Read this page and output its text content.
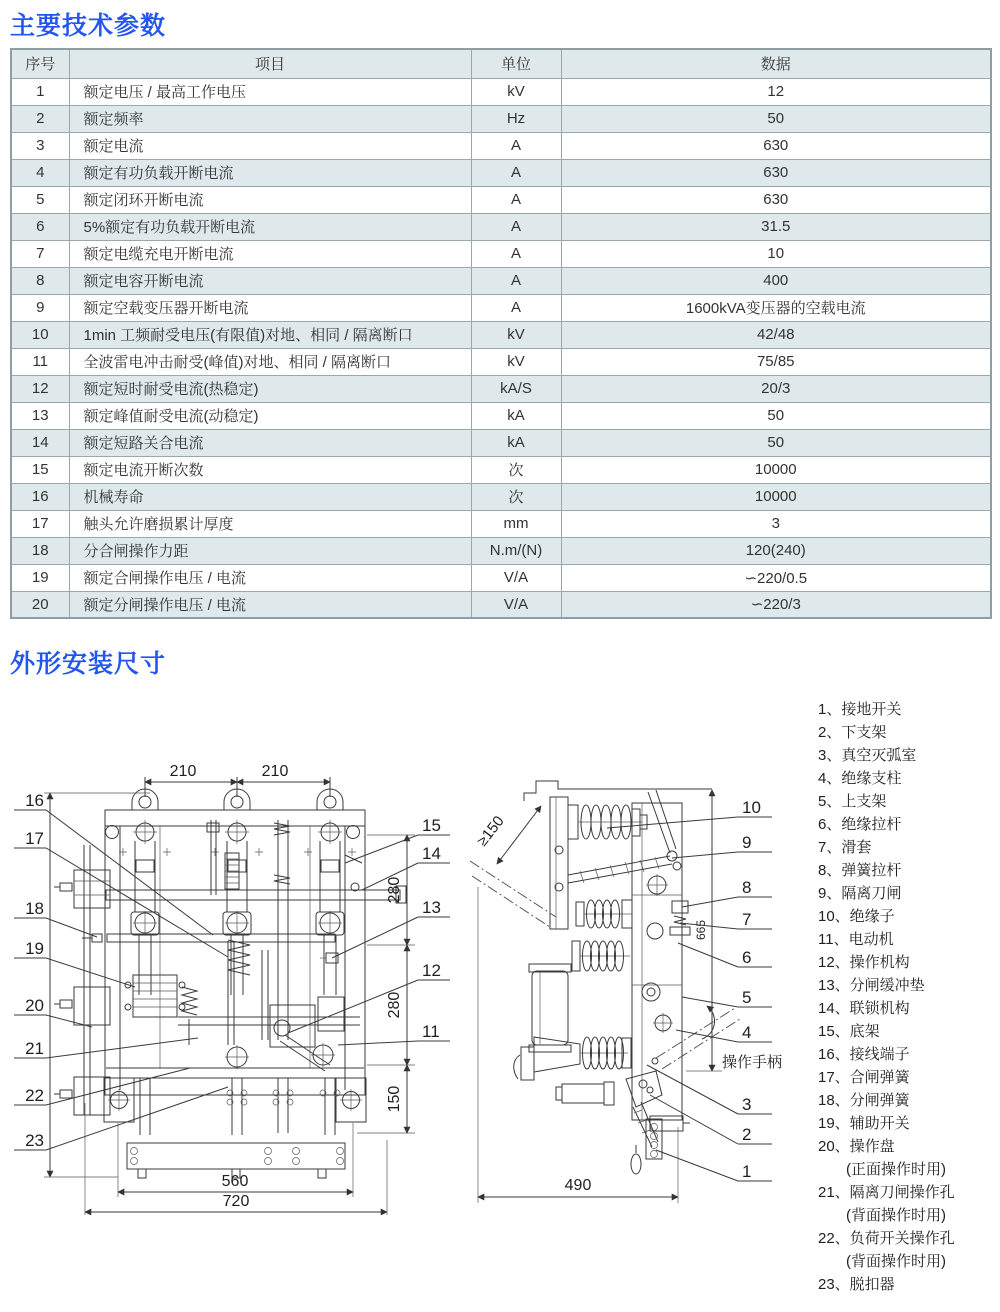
主要技术参数
序号	项目	单位	数据
1	额定电压 / 最高工作电压	kV	12
2	额定频率	Hz	50
3	额定电流	A	630
4	额定有功负载开断电流	A	630
5	额定闭环开断电流	A	630
6	5%额定有功负载开断电流	A	31.5
7	额定电缆充电开断电流	A	10
8	额定电容开断电流	A	400
9	额定空载变压器开断电流	A	1600kVA变压器的空载电流
10	1min 工频耐受电压(有限值)对地、相同 / 隔离断口	kV	42/48
11	全波雷电冲击耐受(峰值)对地、相同 / 隔离断口	kV	75/85
12	额定短时耐受电流(热稳定)	kA/S	20/3
13	额定峰值耐受电流(动稳定)	kA	50
14	额定短路关合电流	kA	50
15	额定电流开断次数	次	10000
16	机械寿命	次	10000
17	触头允许磨损累计厚度	mm	3
18	分合闸操作力距	N.m/(N)	120(240)
19	额定合闸操作电压 / 电流	V/A	∽220/0.5
20	额定分闸操作电压 / 电流	V/A	∽220/3
外形安装尺寸
210	210
280
280
150
560
720
16
17
18
19
20
21
22
23
15
14
13
12
11
操作手柄
≥150
665
490
10
9
8
7
6
5
4
3
2
1
1、接地开关
2、下支架
3、真空灭弧室
4、绝缘支柱
5、上支架
6、绝缘拉杆
7、滑套
8、弹簧拉杆
9、隔离刀闸
10、绝缘子
11、电动机
12、操作机构
13、分闸缓冲垫
14、联锁机构
15、底架
16、接线端子
17、合闸弹簧
18、分闸弹簧
19、辅助开关
20、操作盘
(正面操作时用)
21、隔离刀闸操作孔
(背面操作时用)
22、负荷开关操作孔
(背面操作时用)
23、脱扣器
